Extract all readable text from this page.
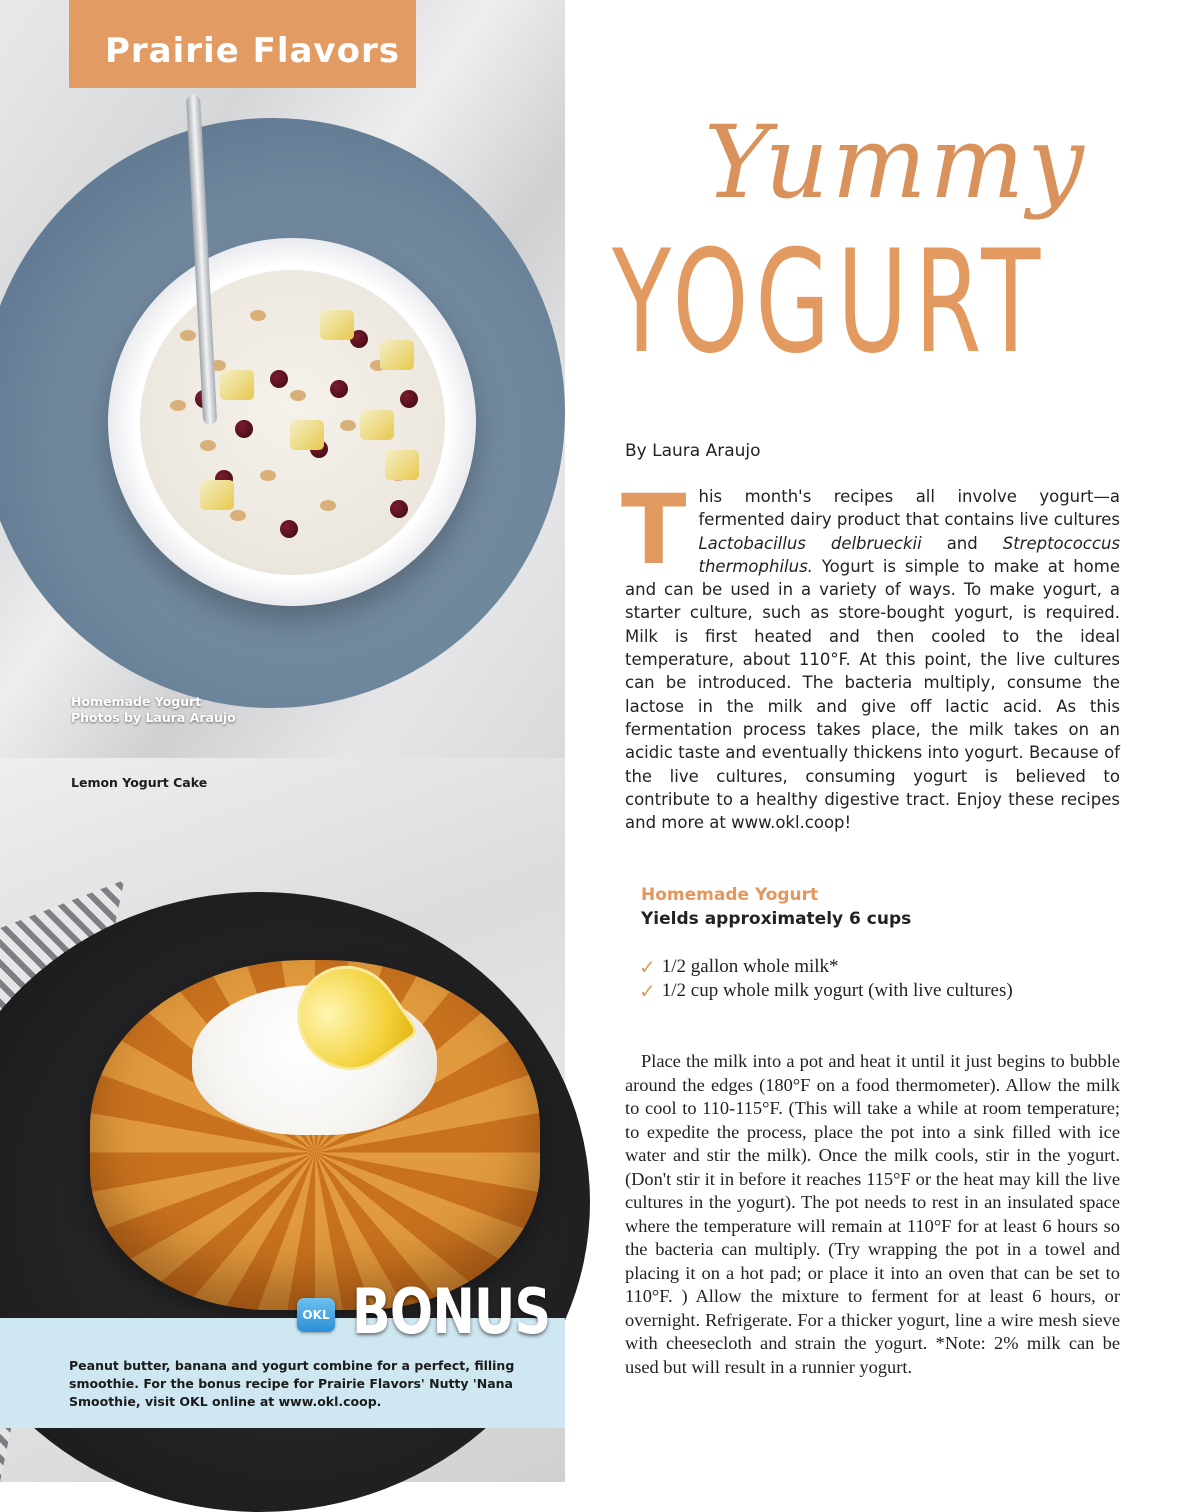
Prairie Flavors
Homemade Yogurt
Photos by Laura Araujo
Lemon Yogurt Cake
OKL BONUS
Peanut butter, banana and yogurt combine for a perfect, filling smoothie. For the bonus recipe for Prairie Flavors' Nutty 'Nana Smoothie, visit OKL online at www.okl.coop.
Yummy
YOGURT
By Laura Araujo
This month's recipes all involve yogurt—a fermented dairy product that contains live cultures Lactobacillus delbrueckii and Streptococcus thermophilus. Yogurt is simple to make at home and can be used in a variety of ways. To make yogurt, a starter culture, such as store-bought yogurt, is required. Milk is first heated and then cooled to the ideal temperature, about 110°F. At this point, the live cultures can be introduced. The bacteria multiply, consume the lactose in the milk and give off lactic acid. As this fermentation process takes place, the milk takes on an acidic taste and eventually thickens into yogurt. Because of the live cultures, consuming yogurt is believed to contribute to a healthy digestive tract. Enjoy these recipes and more at www.okl.coop!
Homemade Yogurt
Yields approximately 6 cups
✓ 1/2 gallon whole milk*
✓ 1/2 cup whole milk yogurt (with live cultures)

Place the milk into a pot and heat it until it just begins to bubble around the edges (180°F on a food thermometer). Allow the milk to cool to 110-115°F. (This will take a while at room temperature; to expedite the process, place the pot into a sink filled with ice water and stir the milk). Once the milk cools, stir in the yogurt. (Don't stir it in before it reaches 115°F or the heat may kill the live cultures in the yogurt). The pot needs to rest in an insulated space where the temperature will remain at 110°F for at least 6 hours so the bacteria can multiply. (Try wrapping the pot in a towel and placing it on a hot pad; or place it into an oven that can be set to 110°F. ) Allow the mixture to ferment for at least 6 hours, or overnight. Refrigerate. For a thicker yogurt, line a wire mesh sieve with cheesecloth and strain the yogurt. *Note: 2% milk can be used but will result in a runnier yogurt.
